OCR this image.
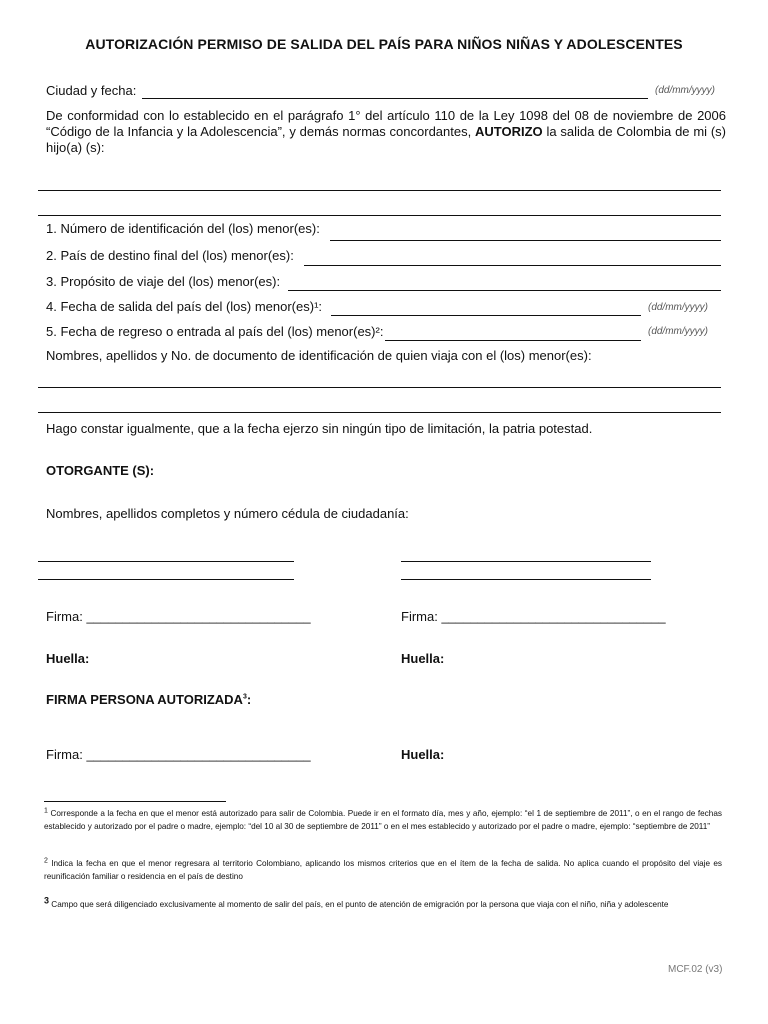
AUTORIZACIÓN PERMISO DE SALIDA DEL PAÍS PARA NIÑOS NIÑAS Y ADOLESCENTES
Ciudad y fecha:	(dd/mm/yyyy)
De conformidad con lo establecido en el parágrafo 1° del artículo 110 de la Ley 1098 del 08 de noviembre de 2006 “Código de la Infancia y la Adolescencia”, y demás normas concordantes, AUTORIZO la salida de Colombia de mi (s) hijo(a) (s):
1. Número de identificación del (los) menor(es):
2. País de destino final del (los) menor(es):
3. Propósito de viaje del (los) menor(es):
4. Fecha de salida del país del (los) menor(es)¹:	(dd/mm/yyyy)
5. Fecha de regreso o entrada al país del (los) menor(es)²:	(dd/mm/yyyy)
Nombres, apellidos y No. de documento de identificación de quien viaja con el (los) menor(es):
Hago constar igualmente, que a la fecha ejerzo sin ningún tipo de limitación, la patria potestad.
OTORGANTE (S):
Nombres, apellidos completos y número cédula de ciudadanía:
Firma: _______________________________	Firma: _______________________________
Huella:	Huella:
FIRMA PERSONA AUTORIZADA$^3$:
Firma: _______________________________	Huella:
$^1$ Corresponde a la fecha en que el menor está autorizado para salir de Colombia. Puede ir en el formato día, mes y año, ejemplo: “el 1 de septiembre de 2011”, o en el rango de fechas establecido y autorizado por el padre o madre, ejemplo: “del 10 al 30 de septiembre de 2011” o en el mes establecido y autorizado por el padre o madre, ejemplo: “septiembre de 2011”
$^2$ Indica la fecha en que el menor regresara al territorio Colombiano, aplicando los mismos criterios que en el ítem de la fecha de salida. No aplica cuando el propósito del viaje es reunificación familiar o residencia en el país de destino
3 Campo que será diligenciado exclusivamente al momento de salir del país, en el punto de atención de emigración por la persona que viaja con el niño, niña y adolescente
MCF.02 (v3)
